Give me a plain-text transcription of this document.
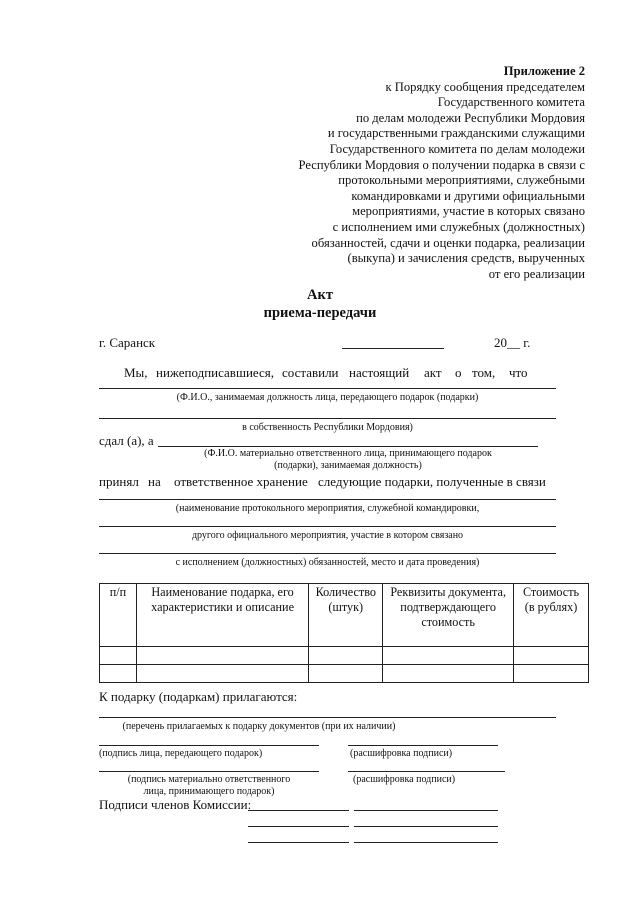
Приложение 2
к Порядку сообщения председателем
Государственного комитета
по делам молодежи Республики Мордовия
и государственными гражданскими служащими
Государственного комитета по делам молодежи
Республики Мордовия о получении подарка в связи с
протокольными мероприятиями, служебными
командировками и другими официальными
мероприятиями, участие в которых связано
с исполнением ими служебных (должностных)
обязанностей, сдачи и оценки подарка, реализации
(выкупа) и зачисления средств, вырученных
от его реализации
Акт
приема-передачи
г. Саранск	20__ г.
Мы, нижеподписавшиеся, составили настоящий акт о том, что
(Ф.И.О., занимаемая должность лица, передающего подарок (подарки)
в собственность Республики Мордовия)
сдал (а), а
(Ф.И.О. материально ответственного лица, принимающего подарок
(подарки), занимаемая должность)
принял на ответственное хранение следующие подарки, полученные в связи
(наименование протокольного мероприятия, служебной командировки,
другого официального мероприятия, участие в котором связано
с исполнением (должностных) обязанностей, место и дата проведения)
п/п	Наименование подарка, его характеристики и описание	Количество (штук)	Реквизиты документа, подтверждающего стоимость	Стоимость (в рублях)

К подарку (подаркам) прилагаются:
(перечень прилагаемых к подарку документов (при их наличии)
(подпись лица, передающего подарок)	(расшифровка подписи)
(подпись материально ответственного
лица, принимающего подарок)
(расшифровка подписи)
Подписи членов Комиссии:
